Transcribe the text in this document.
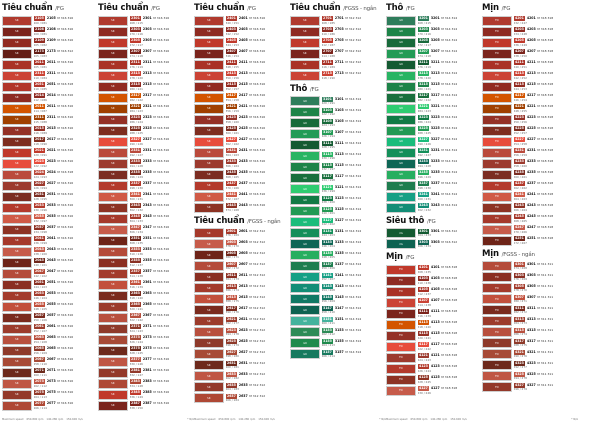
Tiêu chuẩn /FG
SR	2105 2105 M 316 316
200 / 081
SR	2108 2108 M 316 316
200 / 081
SR	2109 2109 M 316 316
205 / 082
SR	2173 2173 M 316 312
205 / 083
SR	2011 2011 M 316 316
205 / 081
SR	2311 2311 M 314 316
210 / 084
SR	2051 2051 M 316 318
210 / 085
SR	2014 2014 M 316 316
212 / 086
SR	2011 2011 M 316 316
214 / 087
SR	2311 2311 M 316 316
215 / 088
SR	2015 2015 M 318 316
216 / 089
SR	2017 2017 M 316 316
218 / 090
SR	2021 2021 M 316 316
220 / 091
SR	2023 2023 M 316 316
222 / 092
SR	2024 2024 M 316 318
224 / 093
SR	2027 2027 M 316 316
226 / 094
SR	2031 2031 M 316 316
228 / 095
SR	2033 2033 M 316 316
230 / 096
SR	2035 2035 M 316 316
232 / 097
SR	2037 2037 M 316 316
234 / 098
SR	2041 2041 M 316 316
236 / 099
SR	2043 2043 M 318 316
238 / 100
SR	2045 2045 M 316 316
240 / 101
SR	2047 2047 M 316 316
242 / 102
SR	2051 2051 M 316 316
244 / 103
SR	2053 2053 M 316 316
246 / 104
SR	2055 2055 M 316 316
248 / 105
SR	2057 2057 M 316 316
250 / 106
SR	2061 2061 M 316 316
252 / 107
SR	2063 2063 M 316 316
254 / 108
SR	2065 2065 M 316 316
256 / 109
SR	2067 2067 M 316 316
258 / 110
SR	2071 2071 M 316 316
260 / 111
SR	2073 2073 M 316 316
262 / 112
SR	2075 2075 M 316 316
264 / 113
SR	2077 2077 M 316 316
266 / 114
Tiêu chuẩn /FG
SR	2301 2301 M 316 316
268 / 115
SR	2303 2303 M 316 316
270 / 116
SR	2305 2305 M 316 316
272 / 117
SR	2307 2307 M 316 316
274 / 118
SR	2311 2311 M 316 316
276 / 119
SR	2313 2313 M 316 316
278 / 120
SR	2315 2315 M 316 316
280 / 121
SR	2317 2317 M 316 316
282 / 122
SR	2321 2321 M 316 316
284 / 123
SR	2323 2323 M 316 316
286 / 124
SR	2325 2325 M 316 316
288 / 125
SR	2327 2327 M 316 316
290 / 126
SR	2331 2331 M 316 316
292 / 127
SR	2333 2333 M 316 316
294 / 128
SR	2335 2335 M 316 316
296 / 129
SR	2337 2337 M 316 316
298 / 130
SR	2341 2341 M 316 316
300 / 131
SR	2343 2343 M 316 316
302 / 132
SR	2345 2345 M 316 316
304 / 133
SR	2347 2347 M 316 316
306 / 134
SR	2351 2351 M 316 316
308 / 135
SR	2353 2353 M 316 316
310 / 136
SR	2355 2355 M 316 316
312 / 137
SR	2357 2357 M 316 316
314 / 138
SR	2361 2361 M 316 316
316 / 139
SR	2363 2363 M 316 316
318 / 140
SR	2365 2365 M 316 316
320 / 141
SR	2367 2367 M 316 316
322 / 142
SR	2371 2371 M 316 316
324 / 143
SR	2373 2373 M 316 316
326 / 144
SR	2375 2375 M 316 316
328 / 145
SR	2377 2377 M 316 316
330 / 146
SR	2381 2381 M 316 316
332 / 147
SR	2383 2383 M 316 316
334 / 148
SR	2385 2385 M 316 316
336 / 149
SR	2387 2387 M 316 316
338 / 150
Tiêu chuẩn /FG
SR	2401 2401 M 316 316
340 / 151
SR	2403 2403 M 316 316
342 / 152
SR	2405 2405 M 316 316
344 / 153
SR	2407 2407 M 316 316
346 / 154
SR	2411 2411 M 316 316
348 / 155
SR	2413 2413 M 316 316
350 / 156
SR	2415 2415 M 316 316
352 / 157
SR	2417 2417 M 316 316
354 / 158
SR	2421 2421 M 316 316
356 / 159
SR	2423 2423 M 316 316
358 / 160
SR	2425 2425 M 316 316
360 / 161
SR	2427 2427 M 316 316
362 / 162
SR	2431 2431 M 316 316
364 / 163
SR	2433 2433 M 316 316
366 / 164
SR	2435 2435 M 316 316
368 / 165
SR	2437 2437 M 316 316
370 / 166
SR	2441 2441 M 316 316
372 / 167
SR	2443 2443 M 316 316
374 / 168
Tiêu chuẩn /FGSS - ngắn
SR	2601 2601 M 312 312
376 / 169
SR	2603 2603 M 312 312
378 / 170
SR	2605 2605 M 312 312
380 / 171
SR	2607 2607 M 312 312
382 / 172
SR	2611 2611 M 312 312
384 / 173
SR	2613 2613 M 312 312
386 / 174
SR	2615 2615 M 312 312
388 / 175
SR	2617 2617 M 312 312
390 / 176
SR	2621 2621 M 312 312
392 / 177
SR	2623 2623 M 312 312
394 / 178
SR	2625 2625 M 312 312
396 / 179
SR	2627 2627 M 312 312
398 / 180
SR	2631 2631 M 312 312
400 / 181
SR	2633 2633 M 312 312
402 / 182
SR	2635 2635 M 312 312
404 / 183
SR	2637 2637 M 312 312
406 / 184
Tiêu chuẩn /FGSS - ngắn
SR	2701 2701 M 312 312
408 / 185
SR	2703 2703 M 312 312
410 / 186
SR	2705 2705 M 312 312
412 / 187
SR	2707 2707 M 312 312
414 / 188
SR	2711 2711 M 312 312
416 / 189
SR	2713 2713 M 312 312
418 / 190
Thô /FG
GR	3101 3101 M 314 314
420 / 191
GR	3103 3103 M 314 314
422 / 192
GR	3105 3105 M 314 314
424 / 193
GR	3107 3107 M 314 314
426 / 194
GR	3111 3111 M 314 314
428 / 195
GR	3113 3113 M 314 314
430 / 196
GR	3115 3115 M 314 314
432 / 197
GR	3117 3117 M 314 314
434 / 198
GR	3121 3121 M 314 314
436 / 199
GR	3123 3123 M 314 314
438 / 200
GR	3125 3125 M 314 314
440 / 201
GR	3127 3127 M 314 314
442 / 202
GR	3131 3131 M 314 314
444 / 203
GR	3133 3133 M 314 314
446 / 204
GR	3135 3135 M 314 314
448 / 205
GR	3137 3137 M 314 314
450 / 206
GR	3141 3141 M 314 314
452 / 207
GR	3143 3143 M 314 314
454 / 208
GR	3145 3145 M 314 314
456 / 209
GR	3147 3147 M 314 314
458 / 210
GR	3151 3151 M 314 314
460 / 211
GR	3153 3153 M 314 314
462 / 212
GR	3155 3155 M 314 314
464 / 213
GR	3157 3157 M 314 314
466 / 214
Thô /FG
GR	3201 3201 M 314 314
468 / 215
GR	3203 3203 M 314 314
470 / 216
GR	3205 3205 M 314 314
472 / 217
GR	3207 3207 M 314 314
474 / 218
GR	3211 3211 M 314 314
476 / 219
GR	3213 3213 M 314 314
478 / 220
GR	3215 3215 M 314 314
480 / 221
GR	3217 3217 M 314 314
482 / 222
GR	3221 3221 M 314 314
484 / 223
GR	3223 3223 M 314 314
486 / 224
GR	3225 3225 M 314 314
488 / 225
GR	3227 3227 M 314 314
490 / 226
GR	3231 3231 M 314 314
492 / 227
GR	3233 3233 M 314 314
494 / 228
GR	3235 3235 M 314 314
496 / 229
GR	3237 3237 M 314 314
498 / 230
GR	3241 3241 M 314 314
500 / 231
GR	3243 3243 M 314 314
502 / 232
Siêu thô /FG
XG	3301 3301 M 316 312
504 / 233
XG	3303 3303 M 316 312
506 / 234
Mịn /FG
FN	4101 4101 M 318 318
508 / 235
FN	4103 4103 M 318 318
510 / 236
FN	4105 4105 M 318 318
512 / 237
FN	4107 4107 M 318 318
514 / 238
FN	4111 4111 M 318 318
516 / 239
FN	4113 4113 M 318 318
518 / 240
FN	4115 4115 M 318 318
520 / 241
FN	4117 4117 M 318 318
522 / 242
FN	4121 4121 M 318 318
524 / 243
FN	4123 4123 M 318 318
526 / 244
FN	4125 4125 M 318 318
528 / 245
FN	4127 4127 M 318 318
530 / 246
Mịn /FG
FN	4201 4201 M 318 318
532 / 247
FN	4203 4203 M 318 318
534 / 248
FN	4205 4205 M 318 318
536 / 249
FN	4207 4207 M 318 318
538 / 250
FN	4211 4211 M 318 318
540 / 251
FN	4213 4213 M 318 318
542 / 252
FN	4215 4215 M 318 318
544 / 253
FN	4217 4217 M 318 318
546 / 254
FN	4221 4221 M 318 318
548 / 255
FN	4223 4223 M 318 318
550 / 256
FN	4225 4225 M 318 318
552 / 257
FN	4227 4227 M 318 318
554 / 258
FN	4231 4231 M 318 318
556 / 259
FN	4233 4233 M 318 318
558 / 260
FN	4235 4235 M 318 318
560 / 261
FN	4237 4237 M 318 318
562 / 262
FN	4241 4241 M 318 318
564 / 263
FN	4243 4243 M 318 318
566 / 264
FN	4245 4245 M 318 318
568 / 265
FN	4247 4247 M 318 318
570 / 266
FN	4251 4251 M 318 318
572 / 267
Mịn /FGSS - ngắn
FN	4301 4301 M 311 311
574 / 268
FN	4303 4303 M 311 311
576 / 269
FN	4305 4305 M 311 311
578 / 270
FN	4307 4307 M 311 311
580 / 271
FN	4311 4311 M 311 311
582 / 272
FN	4313 4313 M 311 311
584 / 273
FN	4315 4315 M 311 311
586 / 274
FN	4317 4317 M 311 311
588 / 275
FN	4321 4321 M 311 311
590 / 276
FN	4323 4323 M 311 311
592 / 277
FN	4325 4325 M 311 311
594 / 278
FN	4327 4327 M 311 311
596 / 279
Maximum speed 650-800 rpm 140-280 rpm 150-600 m/s	* N/A Maximum speed 650-800 rpm 140-280 rpm 150-600 m/s	* N/A Maximum speed 650-800 rpm 140-280 rpm 150-600 m/s	* N/A
